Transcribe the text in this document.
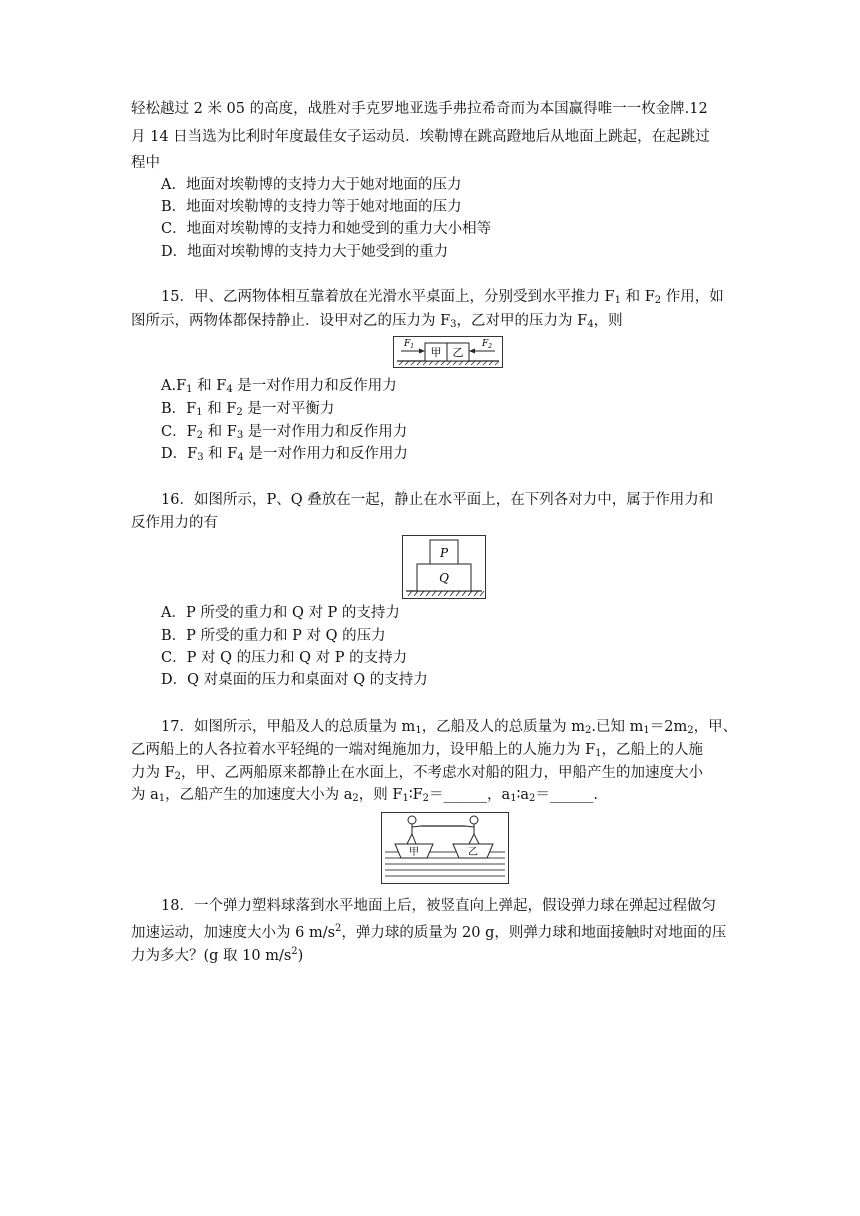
轻松越过 2 米 05 的高度，战胜对手克罗地亚选手弗拉希奇而为本国赢得唯一一枚金牌.12
月 14 日当选为比利时年度最佳女子运动员．埃勒博在跳高蹬地后从地面上跳起，在起跳过
程中
A．地面对埃勒博的支持力大于她对地面的压力
B．地面对埃勒博的支持力等于她对地面的压力
C．地面对埃勒博的支持力和她受到的重力大小相等
D．地面对埃勒博的支持力大于她受到的重力
15．甲、乙两物体相互靠着放在光滑水平桌面上，分别受到水平推力 $F_1$ 和 $F_2$ 作用，如
图所示，两物体都保持静止．设甲对乙的压力为 $F_3$，乙对甲的压力为 $F_4$，则
甲 乙
$F_1$	$F_2$
$A.F_1$ 和 $F_4$ 是一对作用力和反作用力
B．$F_1$ 和 $F_2$ 是一对平衡力
C．$F_2$ 和 $F_3$ 是一对作用力和反作用力
D．$F_3$ 和 $F_4$ 是一对作用力和反作用力
16．如图所示，P、Q 叠放在一起，静止在水平面上，在下列各对力中，属于作用力和
反作用力的有
P
Q
A．P 所受的重力和 Q 对 P 的支持力
B．P 所受的重力和 P 对 Q 的压力
C．P 对 Q 的压力和 Q 对 P 的支持力
D．Q 对桌面的压力和桌面对 Q 的支持力
17．如图所示，甲船及人的总质量为 $m_1$，乙船及人的总质量为 $m_2$.已知 $m_1=2m_2$，甲、
乙两船上的人各拉着水平轻绳的一端对绳施加力，设甲船上的人施力为 $F_1$，乙船上的人施
力为 $F_2$，甲、乙两船原来都静止在水面上，不考虑水对船的阻力，甲船产生的加速度大小
为 $a_1$，乙船产生的加速度大小为 $a_2$，则 $F_1∶F_2=\_\_\_\_\_\_$，$a_1∶a_2=\_\_\_\_\_\_$.
甲	乙
18．一个弹力塑料球落到水平地面上后，被竖直向上弹起，假设弹力球在弹起过程做匀
加速运动，加速度大小为 6 $m/s^2$，弹力球的质量为 20 g，则弹力球和地面接触时对地面的压
力为多大？(g 取 10 $m/s^2$)
